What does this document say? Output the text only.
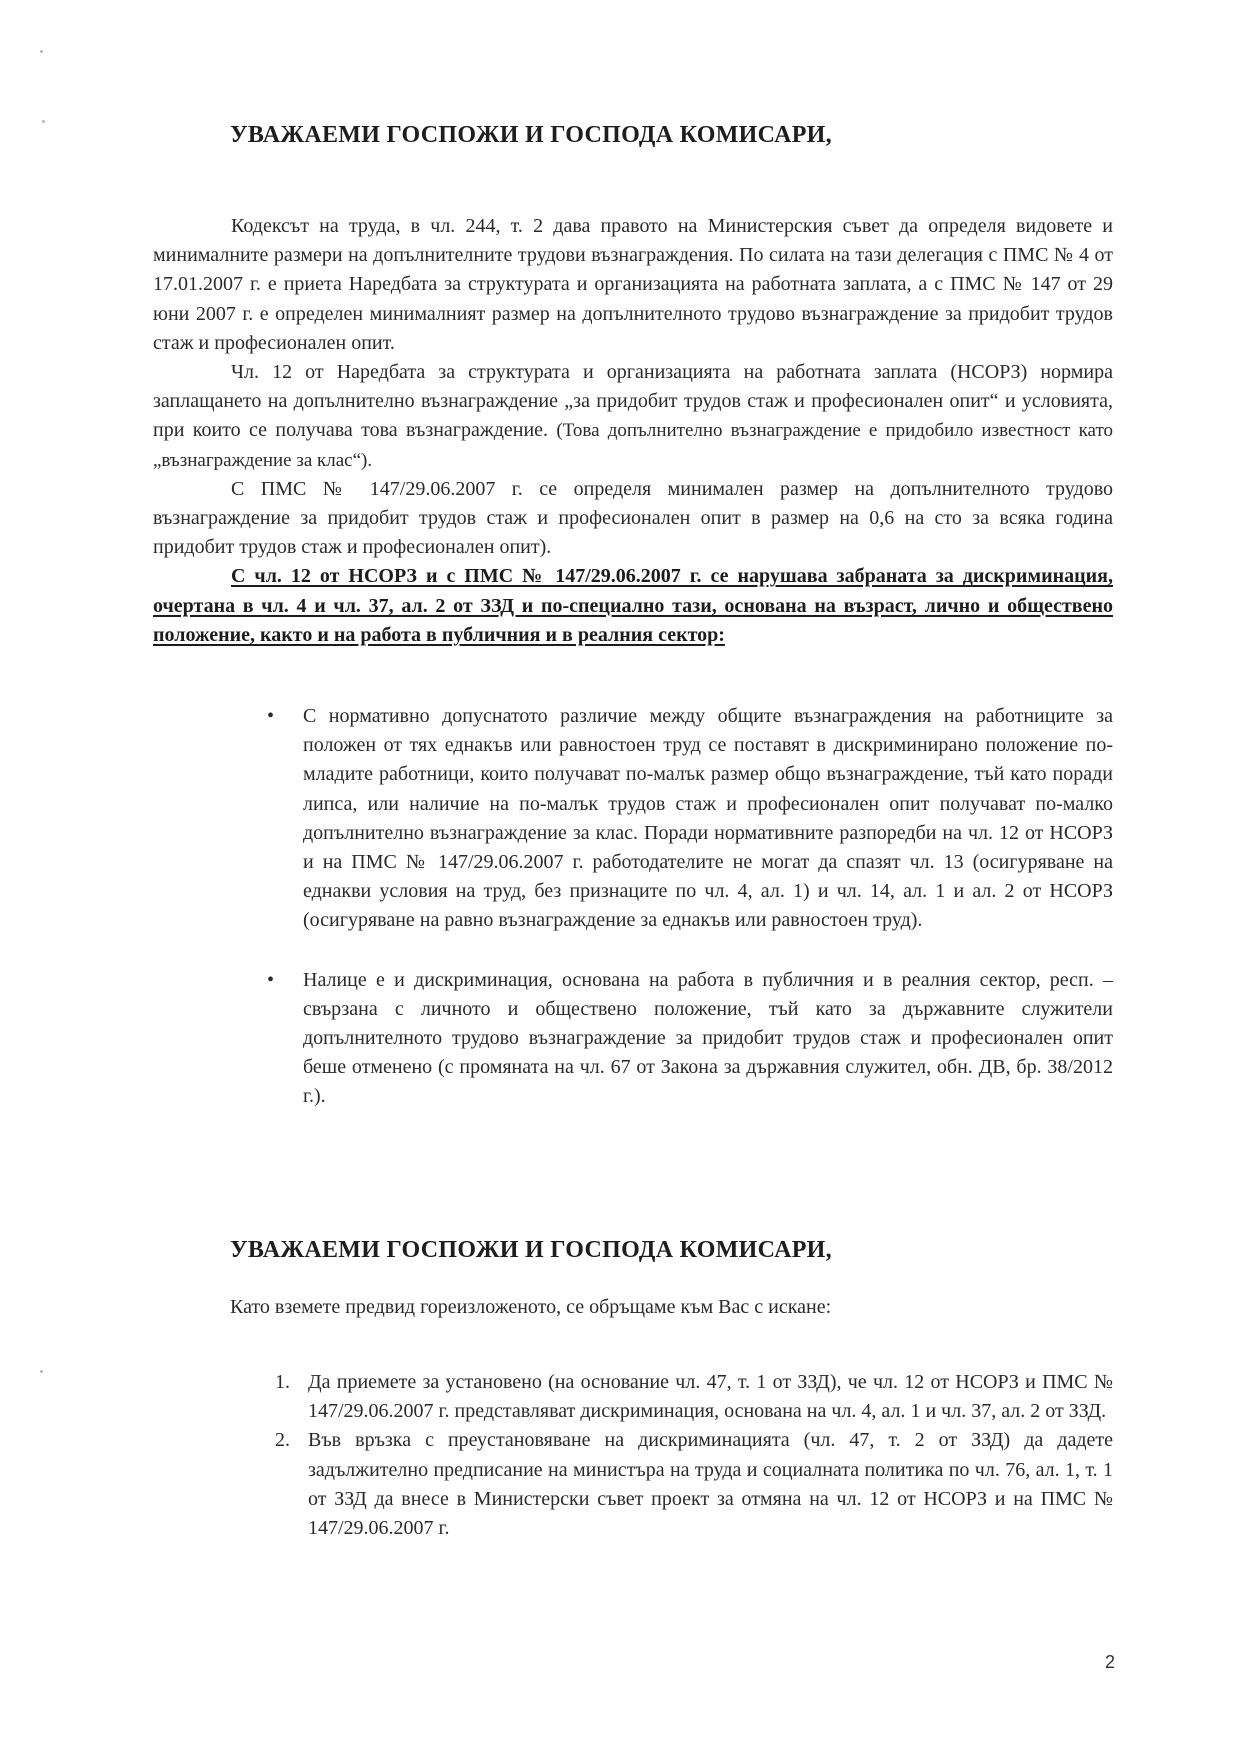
УВАЖАЕМИ ГОСПОЖИ И ГОСПОДА КОМИСАРИ,

Кодексът на труда, в чл. 244, т. 2 дава правото на Министерския съвет да определя видовете и минималните размери на допълнителните трудови възнаграждения. По силата на тази делегация с ПМС № 4 от 17.01.2007 г. е приета Наредбата за структурата и организацията на работната заплата, а с ПМС № 147 от 29 юни 2007 г. е определен минималният размер на допълнителното трудово възнаграждение за придобит трудов стаж и професионален опит.

Чл. 12 от Наредбата за структурата и организацията на работната заплата (НСОРЗ) нормира заплащането на допълнително възнаграждение „за придобит трудов стаж и професионален опит“ и условията, при които се получава това възнаграждение. (Това допълнително възнаграждение е придобило известност като „възнаграждение за клас“).

С ПМС № 147/29.06.2007 г. се определя минимален размер на допълнителното трудово възнаграждение за придобит трудов стаж и професионален опит в размер на 0,6 на сто за всяка година придобит трудов стаж и професионален опит).

С чл. 12 от НСОРЗ и с ПМС № 147/29.06.2007 г. се нарушава забраната за дискриминация, очертана в чл. 4 и чл. 37, ал. 2 от ЗЗД и по-специално тази, основана на възраст, лично и обществено положение, както и на работа в публичния и в реалния сектор:

• С нормативно допуснатото различие между общите възнаграждения на работниците за положен от тях еднакъв или равностоен труд се поставят в дискриминирано положение по-младите работници, които получават по-малък размер общо възнаграждение, тъй като поради липса, или наличие на по-малък трудов стаж и професионален опит получават по-малко допълнително възнаграждение за клас. Поради нормативните разпоредби на чл. 12 от НСОРЗ и на ПМС № 147/29.06.2007 г. работодателите не могат да спазят чл. 13 (осигуряване на еднакви условия на труд, без признаците по чл. 4, ал. 1) и чл. 14, ал. 1 и ал. 2 от НСОРЗ (осигуряване на равно възнаграждение за еднакъв или равностоен труд).
• Налице е и дискриминация, основана на работа в публичния и в реалния сектор, респ. – свързана с личното и обществено положение, тъй като за държавните служители допълнителното трудово възнаграждение за придобит трудов стаж и професионален опит беше отменено (с промяната на чл. 67 от Закона за държавния служител, обн. ДВ, бр. 38/2012 г.).
УВАЖАЕМИ ГОСПОЖИ И ГОСПОДА КОМИСАРИ,
Като вземете предвид гореизложеното, се обръщаме към Вас с искане:
1. Да приемете за установено (на основание чл. 47, т. 1 от ЗЗД), че чл. 12 от НСОРЗ и ПМС № 147/29.06.2007 г. представляват дискриминация, основана на чл. 4, ал. 1 и чл. 37, ал. 2 от ЗЗД.
2. Във връзка с преустановяване на дискриминацията (чл. 47, т. 2 от ЗЗД) да дадете задължително предписание на министъра на труда и социалната политика по чл. 76, ал. 1, т. 1 от ЗЗД да внесе в Министерски съвет проект за отмяна на чл. 12 от НСОРЗ и на ПМС № 147/29.06.2007 г.
2
